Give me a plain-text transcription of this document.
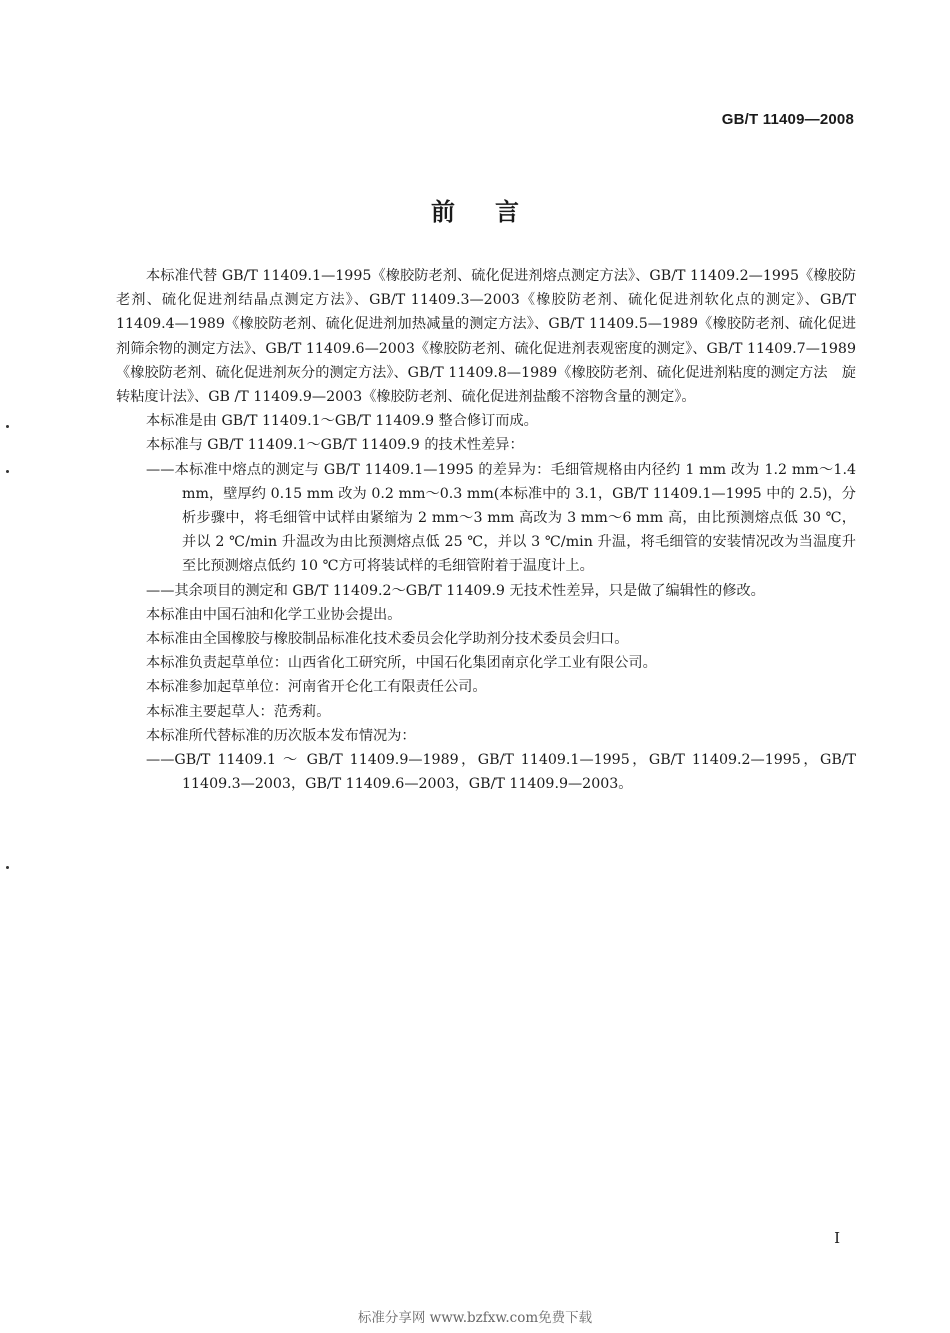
GB/T 11409—2008
前言

本标准代替 GB/T 11409.1—1995《橡胶防老剂、硫化促进剂熔点测定方法》、GB/T 11409.2—1995《橡胶防老剂、硫化促进剂结晶点测定方法》、GB/T 11409.3—2003《橡胶防老剂、硫化促进剂软化点的测定》、GB/T 11409.4—1989《橡胶防老剂、硫化促进剂加热减量的测定方法》、GB/T 11409.5—1989《橡胶防老剂、硫化促进剂筛余物的测定方法》、GB/T 11409.6—2003《橡胶防老剂、硫化促进剂表观密度的测定》、GB/T 11409.7—1989《橡胶防老剂、硫化促进剂灰分的测定方法》、GB/T 11409.8—1989《橡胶防老剂、硫化促进剂粘度的测定方法　旋转粘度计法》、GB /T 11409.9—2003《橡胶防老剂、硫化促进剂盐酸不溶物含量的测定》。

本标准是由 GB/T 11409.1～GB/T 11409.9 整合修订而成。

本标准与 GB/T 11409.1～GB/T 11409.9 的技术性差异：

——本标准中熔点的测定与 GB/T 11409.1—1995 的差异为：毛细管规格由内径约 1 mm 改为 1.2 mm～1.4 mm，壁厚约 0.15 mm 改为 0.2 mm～0.3 mm(本标准中的 3.1，GB/T 11409.1—1995 中的 2.5)，分析步骤中，将毛细管中试样由紧缩为 2 mm～3 mm 高改为 3 mm～6 mm 高，由比预测熔点低 30 ℃，并以 2 ℃/min 升温改为由比预测熔点低 25 ℃，并以 3 ℃/min 升温，将毛细管的安装情况改为当温度升至比预测熔点低约 10 ℃方可将装试样的毛细管附着于温度计上。

——其余项目的测定和 GB/T 11409.2～GB/T 11409.9 无技术性差异，只是做了编辑性的修改。

本标准由中国石油和化学工业协会提出。

本标准由全国橡胶与橡胶制品标准化技术委员会化学助剂分技术委员会归口。

本标准负责起草单位：山西省化工研究所，中国石化集团南京化学工业有限公司。

本标准参加起草单位：河南省开仑化工有限责任公司。

本标准主要起草人：范秀莉。

本标准所代替标准的历次版本发布情况为：

——GB/T 11409.1 ～ GB/T 11409.9—1989，GB/T 11409.1—1995，GB/T 11409.2—1995，GB/T 11409.3—2003，GB/T 11409.6—2003，GB/T 11409.9—2003。

I
标准分享网 www.bzfxw.com免费下载
